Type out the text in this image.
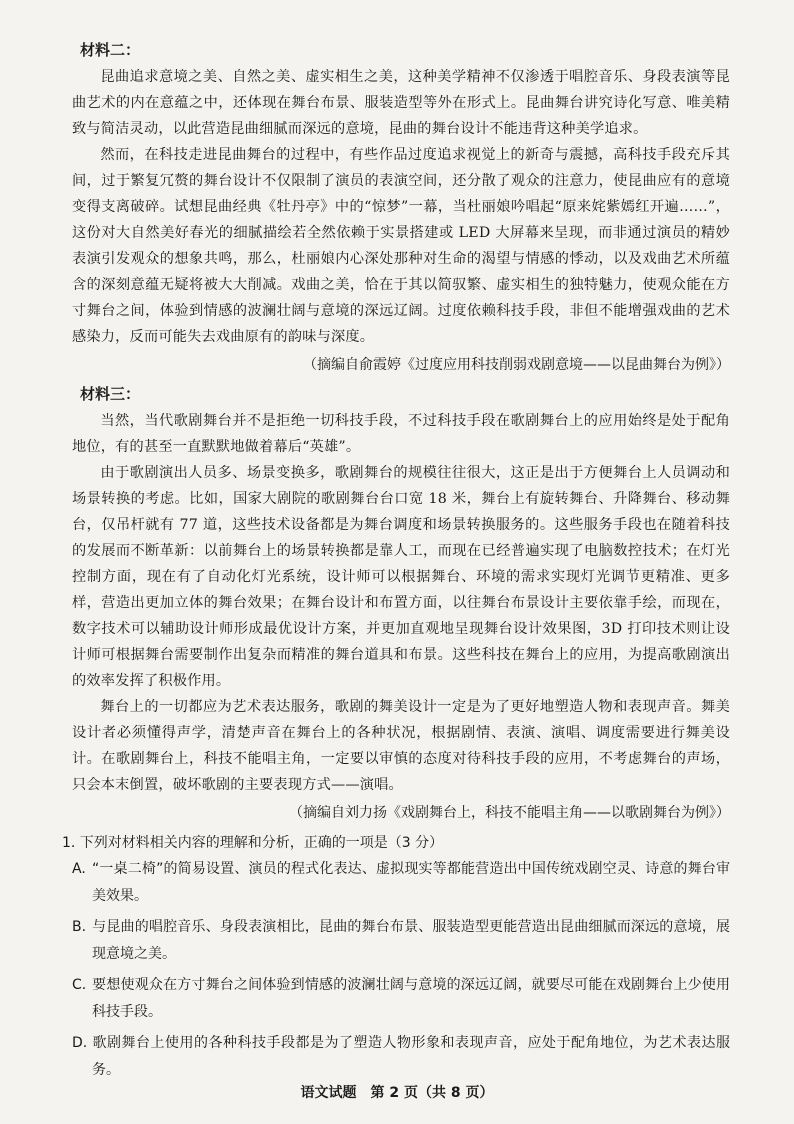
材料二：

昆曲追求意境之美、自然之美、虚实相生之美，这种美学精神不仅渗透于唱腔音乐、身段表演等昆曲艺术的内在意蕴之中，还体现在舞台布景、服装造型等外在形式上。昆曲舞台讲究诗化写意、唯美精致与简洁灵动，以此营造昆曲细腻而深远的意境，昆曲的舞台设计不能违背这种美学追求。

然而，在科技走进昆曲舞台的过程中，有些作品过度追求视觉上的新奇与震撼，高科技手段充斥其间，过于繁复冗赘的舞台设计不仅限制了演员的表演空间，还分散了观众的注意力，使昆曲应有的意境变得支离破碎。试想昆曲经典《牡丹亭》中的“惊梦”一幕，当杜丽娘吟唱起“原来姹紫嫣红开遍……”，这份对大自然美好春光的细腻描绘若全然依赖于实景搭建或 LED 大屏幕来呈现，而非通过演员的精妙表演引发观众的想象共鸣，那么，杜丽娘内心深处那种对生命的渴望与情感的悸动，以及戏曲艺术所蕴含的深刻意蕴无疑将被大大削减。戏曲之美，恰在于其以简驭繁、虚实相生的独特魅力，使观众能在方寸舞台之间，体验到情感的波澜壮阔与意境的深远辽阔。过度依赖科技手段，非但不能增强戏曲的艺术感染力，反而可能失去戏曲原有的韵味与深度。

（摘编自俞霞婷《过度应用科技削弱戏剧意境——以昆曲舞台为例》）
材料三：

当然，当代歌剧舞台并不是拒绝一切科技手段，不过科技手段在歌剧舞台上的应用始终是处于配角地位，有的甚至一直默默地做着幕后“英雄”。

由于歌剧演出人员多、场景变换多，歌剧舞台的规模往往很大，这正是出于方便舞台上人员调动和场景转换的考虑。比如，国家大剧院的歌剧舞台台口宽 18 米，舞台上有旋转舞台、升降舞台、移动舞台，仅吊杆就有 77 道，这些技术设备都是为舞台调度和场景转换服务的。这些服务手段也在随着科技的发展而不断革新：以前舞台上的场景转换都是靠人工，而现在已经普遍实现了电脑数控技术；在灯光控制方面，现在有了自动化灯光系统，设计师可以根据舞台、环境的需求实现灯光调节更精准、更多样，营造出更加立体的舞台效果；在舞台设计和布置方面，以往舞台布景设计主要依靠手绘，而现在，数字技术可以辅助设计师形成最优设计方案，并更加直观地呈现舞台设计效果图，3D 打印技术则让设计师可根据舞台需要制作出复杂而精准的舞台道具和布景。这些科技在舞台上的应用，为提高歌剧演出的效率发挥了积极作用。

舞台上的一切都应为艺术表达服务，歌剧的舞美设计一定是为了更好地塑造人物和表现声音。舞美设计者必须懂得声学，清楚声音在舞台上的各种状况，根据剧情、表演、演唱、调度需要进行舞美设计。在歌剧舞台上，科技不能唱主角，一定要以审慎的态度对待科技手段的应用，不考虑舞台的声场，只会本末倒置，破坏歌剧的主要表现方式——演唱。

（摘编自刘力扬《戏剧舞台上，科技不能唱主角——以歌剧舞台为例》）
1. 下列对材料相关内容的理解和分析，正确的一项是（3 分）
A. “一桌二椅”的简易设置、演员的程式化表达、虚拟现实等都能营造出中国传统戏剧空灵、诗意的舞台审美效果。
B. 与昆曲的唱腔音乐、身段表演相比，昆曲的舞台布景、服装造型更能营造出昆曲细腻而深远的意境，展现意境之美。
C. 要想使观众在方寸舞台之间体验到情感的波澜壮阔与意境的深远辽阔，就要尽可能在戏剧舞台上少使用科技手段。
D. 歌剧舞台上使用的各种科技手段都是为了塑造人物形象和表现声音，应处于配角地位，为艺术表达服务。
语文试题　第 2 页（共 8 页）
